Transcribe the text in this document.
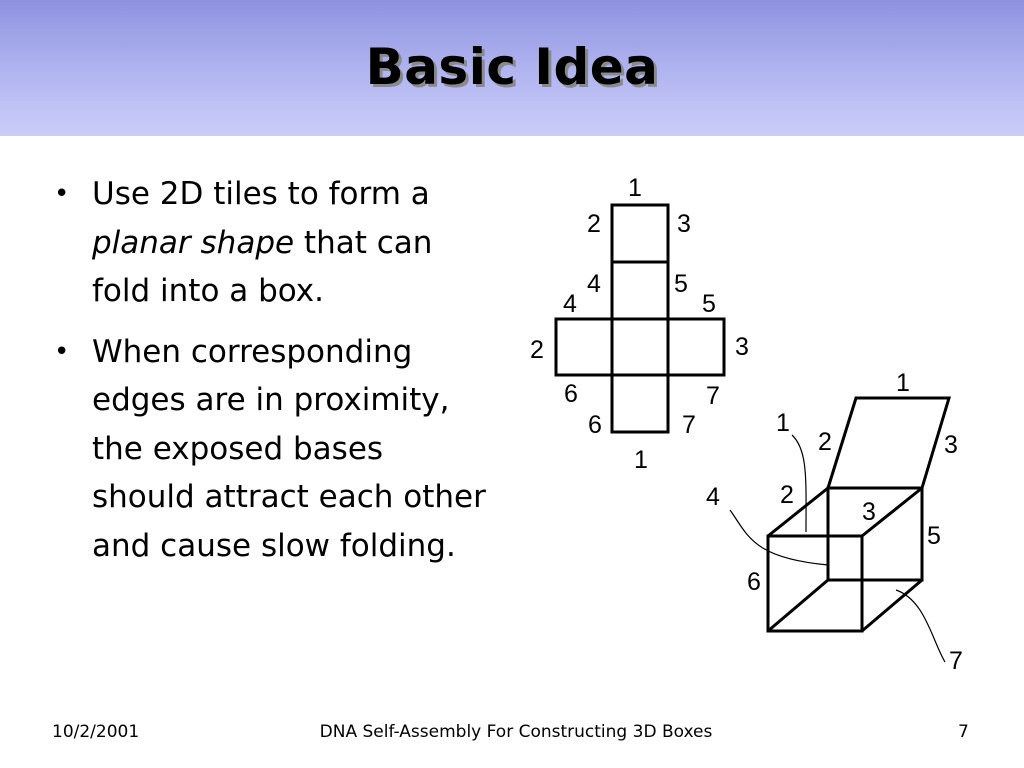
Basic Idea
• Use 2D tiles to form a planar shape that can fold into a box.
• When corresponding edges are in proximity, the exposed bases should attract each other and cause slow folding.
1
2	3
4	5
4	5
2	3
6	7
6	7
1
1
2	3
1
2
3
4
5
6
7
10/2/2001	DNA Self-Assembly For Constructing 3D Boxes	7
